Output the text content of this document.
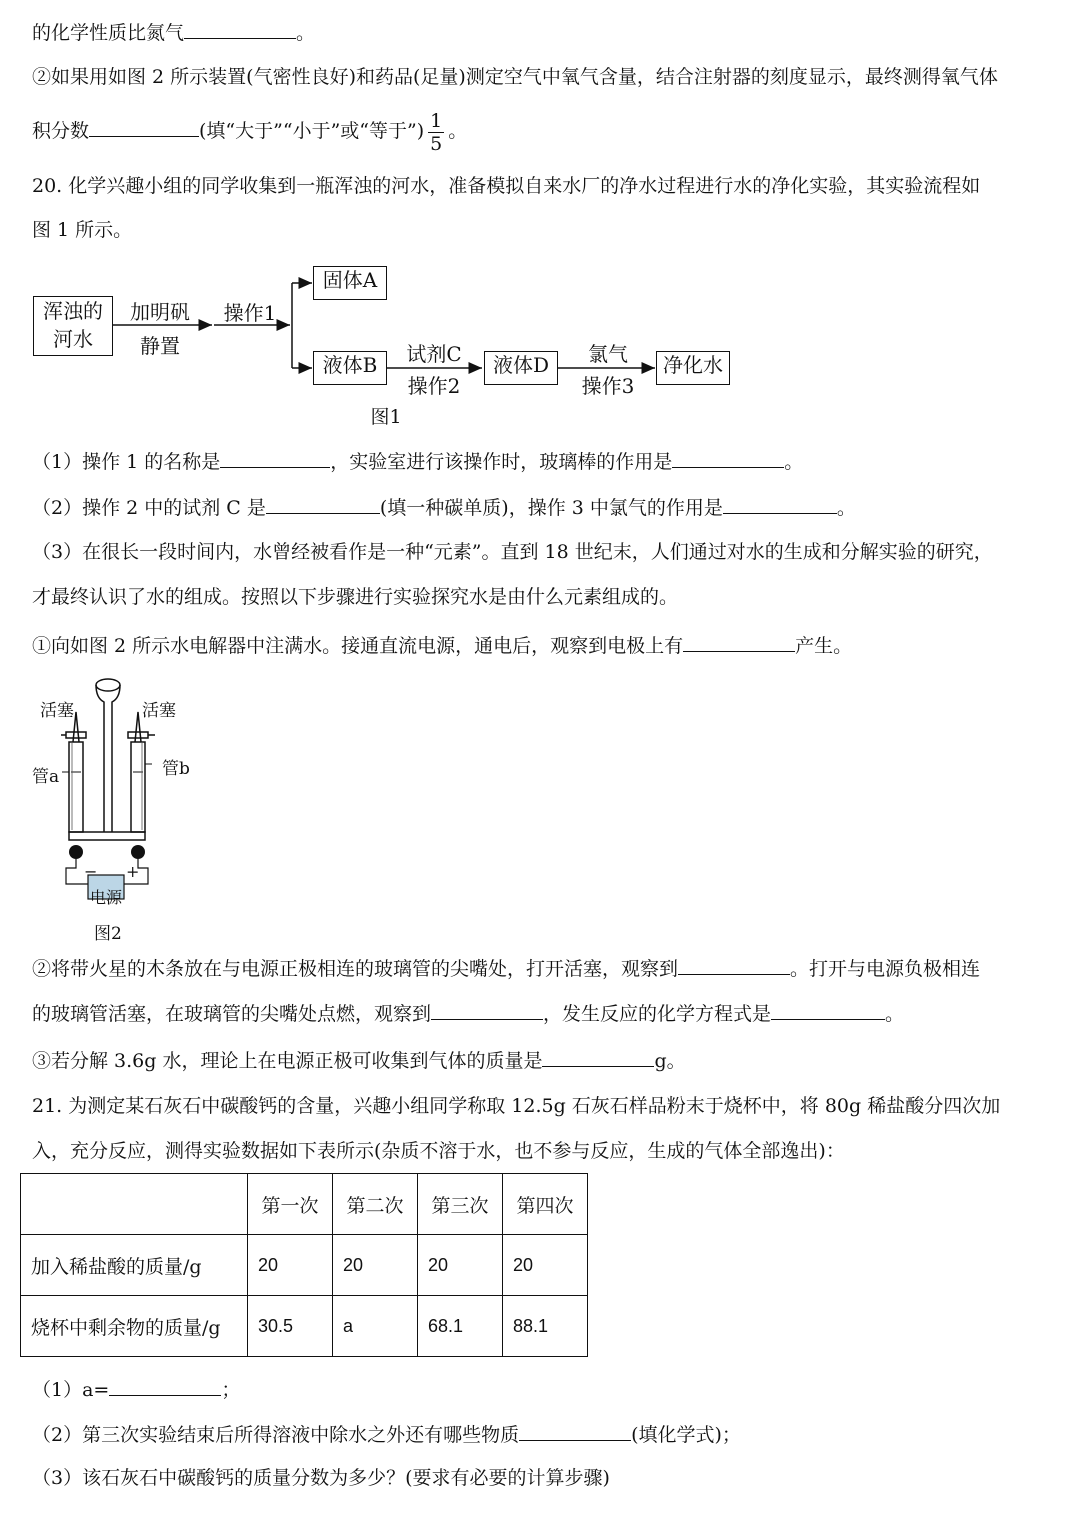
的化学性质比氮气	。
②如果用如图 2 所示装置(气密性良好)和药品(足量)测定空气中氧气含量，结合注射器的刻度显示，最终测得氧气体
积分数	(填“大于”“小于”或“等于”) $\frac{1}{5}$ 。
20. 化学兴趣小组的同学收集到一瓶浑浊的河水，准备模拟自来水厂的净水过程进行水的净化实验，其实验流程如
图 1 所示。
浑浊的
河水
加明矾
静置
操作1
固体A
液体B	试剂C
操作2
液体D	氯气
操作3
净化水
图1
（1）操作 1 的名称是	，实验室进行该操作时，玻璃棒的作用是	。
（2）操作 2 中的试剂 C 是	(填一种碳单质)，操作 3 中氯气的作用是	。
（3）在很长一段时间内，水曾经被看作是一种“元素”。直到 18 世纪末，人们通过对水的生成和分解实验的研究，
才最终认识了水的组成。按照以下步骤进行实验探究水是由什么元素组成的。
①向如图 2 所示水电解器中注满水。接通直流电源，通电后，观察到电极上有	产生。
活塞	活塞
管a	管b
− +
电源
图2
②将带火星的木条放在与电源正极相连的玻璃管的尖嘴处，打开活塞，观察到	。打开与电源负极相连
的玻璃管活塞，在玻璃管的尖嘴处点燃，观察到	，发生反应的化学方程式是	。
③若分解 3.6g 水，理论上在电源正极可收集到气体的质量是	g。
21. 为测定某石灰石中碳酸钙的含量，兴趣小组同学称取 12.5g 石灰石样品粉末于烧杯中，将 80g 稀盐酸分四次加
入，充分反应，测得实验数据如下表所示(杂质不溶于水，也不参与反应，生成的气体全部逸出)：
	第一次	第二次	第三次	第四次
加入稀盐酸的质量/g	20	20	20	20
烧杯中剩余物的质量/g	30.5	a	68.1	88.1
（1）a=	；
（2）第三次实验结束后所得溶液中除水之外还有哪些物质	(填化学式)；
（3）该石灰石中碳酸钙的质量分数为多少？(要求有必要的计算步骤)
